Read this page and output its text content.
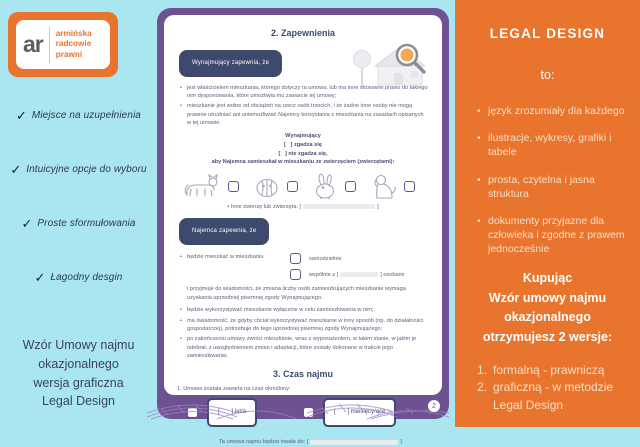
ar armińska
radcowie
prawni
✓ Miejsce na uzupełnienia
✓ Intuicyjne opcje do wyboru
✓ Proste sformułowania
✓ Łagodny desgin
Wzór Umowy najmu
okazjonalnego
wersja graficzna
Legal Design
2. Zapewnienia
Wynajmujący zapewnia, że
• jest właścicielem mieszkania, którego dotyczy ta umowa, lub ma inne stosowne prawo do takiego nim dysponowania, które umożliwia mu zawarcie tej umowy;
• mieszkanie jest wolne od obciążeń na rzecz osób trzecich, i że żadne inne osoby nie mogą prawnie utrudniać ani uniemożliwiać Najemcy korzystania z mieszkania na zasadach opisanych w tej umowie.
Wynajmujący
[   ] zgadza się
[   ] nie zgadza się,
aby Najemca zamieszkał w mieszkaniu ze zwierzęciem (zwierzętami):
• Inne zwierzę lub zwierzęta: [	]
Najemca zapewnia, że
• będzie mieszkać w mieszkaniu	samodzielnie
wspólnie z [	] osobami
i przyjmuje do wiadomości, że zmiana liczby osób zamieszkujących mieszkanie wymaga uzyskania uprzedniej pisemnej zgody Wynajmującego.
• będzie wykorzystywać mieszkanie wyłącznie w celu zamieszkiwania w nim;
• ma świadomość, że gdyby chciał wykorzystywać mieszkanie w inny sposób (np. do działalności gospodarczej), potrzebuje do tego uprzedniej pisemnej zgody Wynajmującego;
• po zakończeniu umowy zwróci mieszkanie, wraz z wyposażeniem, w takim stanie, w jakim je odebrał, z uwzględnieniem zmian i adaptacji, które zostały dokonane w trakcie jego zamieszkiwania;
3. Czas najmu
1. Umowa została zawarta na czas określony:
[       ] lat/a	[       ] miesięcy/ące
Ta umowa najmu będzie trwała do: [	]
2
LEGAL DESIGN
to:
• język zrozumiały dla każdego
• ilustracje, wykresy, grafiki i tabele
• prosta, czytelna i jasna struktura
• dokumenty przyjazne dla człowieka i zgodne z prawem jednocześnie
Kupując
Wzór umowy najmu
okazjonalnego
otrzymujesz 2 wersje:
1. formalną - prawniczą
2. graficzną - w metodzie Legal Design
